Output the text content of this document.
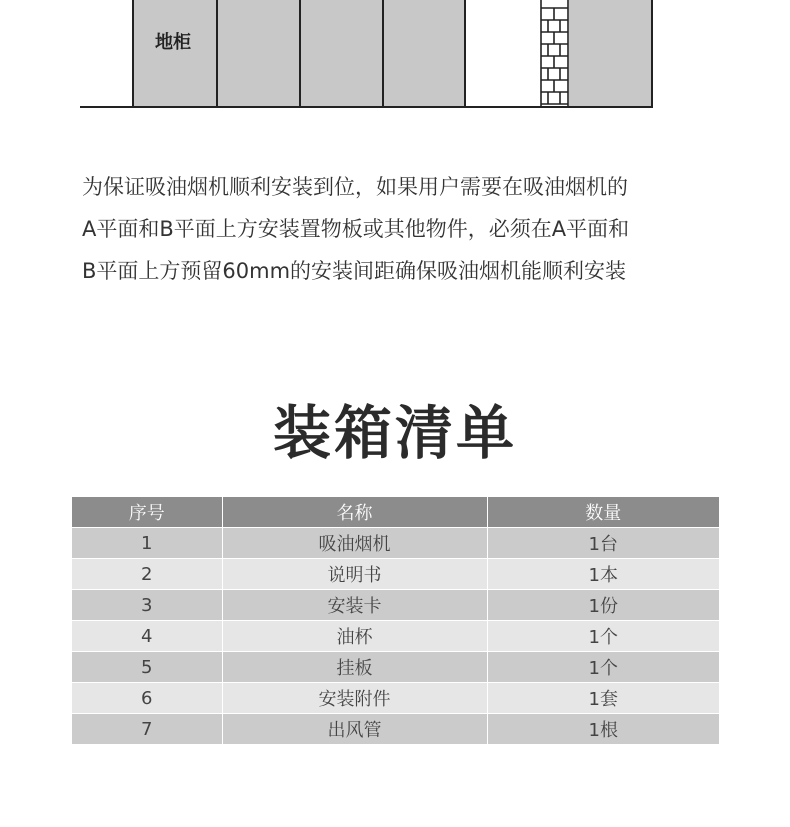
地柜

为保证吸油烟机顺利安装到位，如果用户需要在吸油烟机的

A平面和B平面上方安装置物板或其他物件，必须在A平面和

B平面上方预留60mm的安装间距确保吸油烟机能顺利安装

装箱清单
序号	名称	数量
1	吸油烟机	1台
2	说明书	1本
3	安装卡	1份
4	油杯	1个
5	挂板	1个
6	安装附件	1套
7	出风管	1根
